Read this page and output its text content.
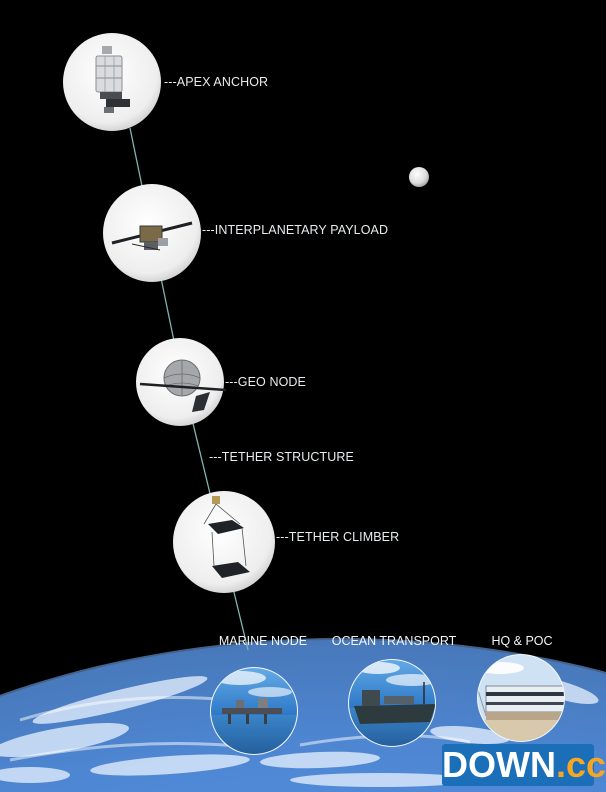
---APEX ANCHOR
---INTERPLANETARY PAYLOAD
---GEO NODE
---TETHER STRUCTURE
---TETHER CLIMBER
MARINE NODE	OCEAN TRANSPORT	HQ & POC
DOWN.cc
